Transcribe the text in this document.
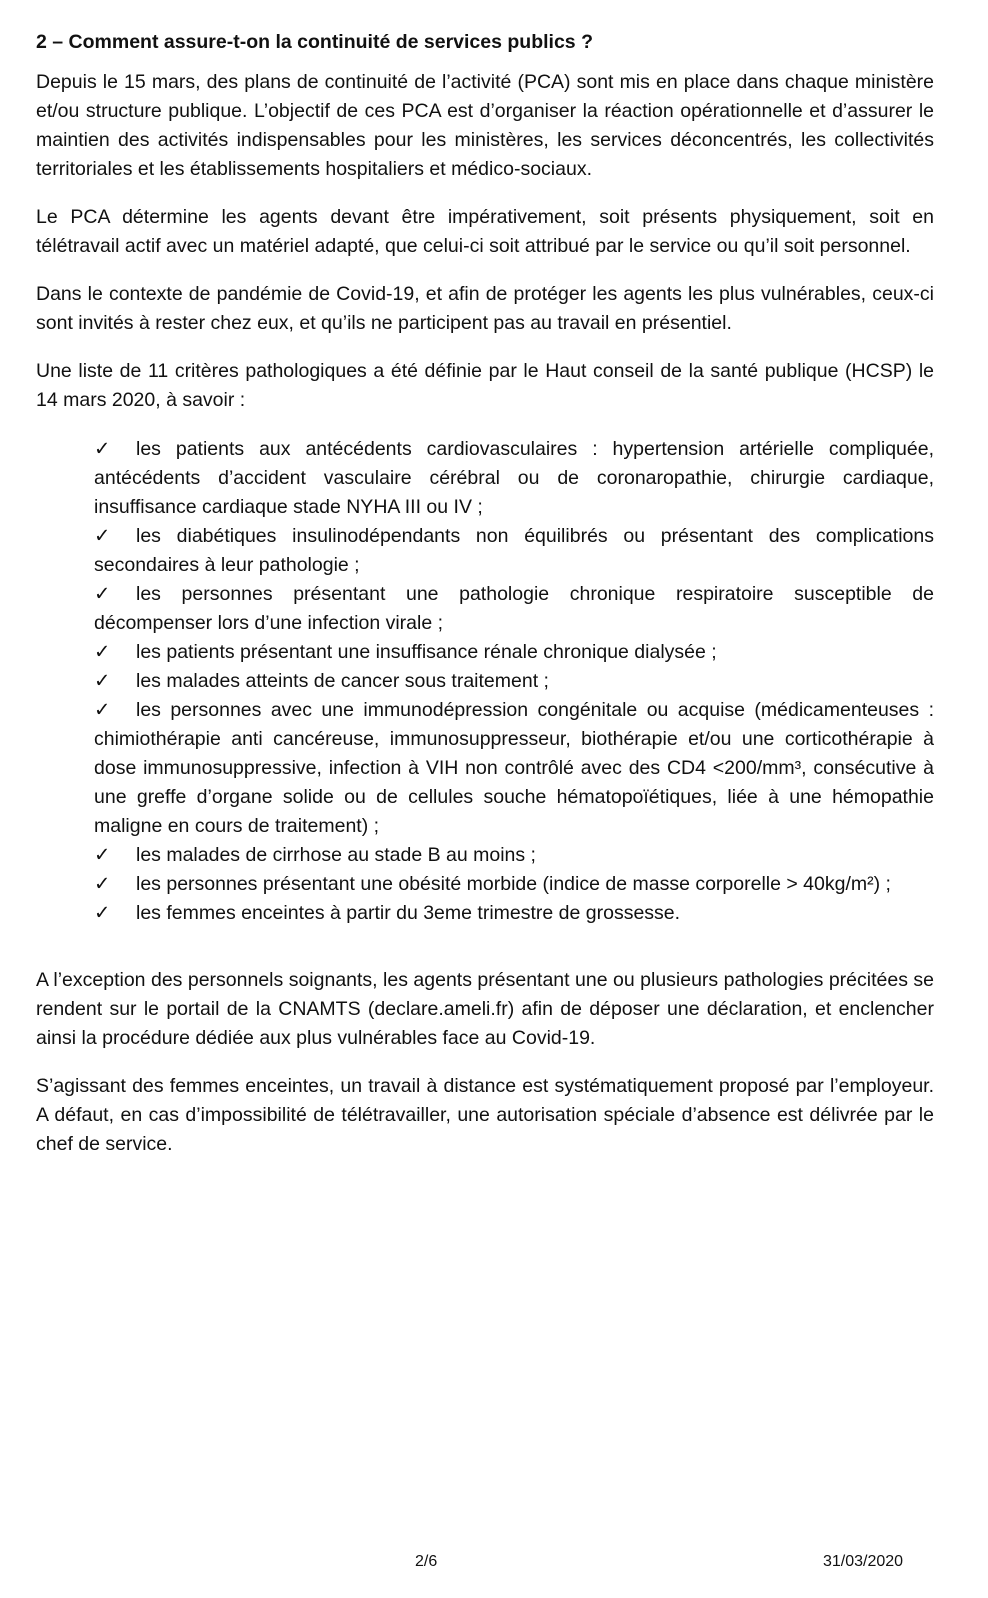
2 – Comment assure-t-on la continuité de services publics ?

Depuis le 15 mars, des plans de continuité de l’activité (PCA) sont mis en place dans chaque ministère et/ou structure publique. L’objectif de ces PCA est d’organiser la réaction opérationnelle et d’assurer le maintien des activités indispensables pour les ministères, les services déconcentrés, les collectivités territoriales et les établissements hospitaliers et médico-sociaux.

Le PCA détermine les agents devant être impérativement, soit présents physiquement, soit en télétravail actif avec un matériel adapté, que celui-ci soit attribué par le service ou qu’il soit personnel.

Dans le contexte de pandémie de Covid-19, et afin de protéger les agents les plus vulnérables, ceux-ci sont invités à rester chez eux, et qu’ils ne participent pas au travail en présentiel.

Une liste de 11 critères pathologiques a été définie par le Haut conseil de la santé publique (HCSP) le 14 mars 2020, à savoir :

✓ les patients aux antécédents cardiovasculaires : hypertension artérielle compliquée, antécédents d’accident vasculaire cérébral ou de coronaropathie, chirurgie cardiaque, insuffisance cardiaque stade NYHA III ou IV ;
✓ les diabétiques insulinodépendants non équilibrés ou présentant des complications secondaires à leur pathologie ;
✓ les personnes présentant une pathologie chronique respiratoire susceptible de décompenser lors d’une infection virale ;
✓ les patients présentant une insuffisance rénale chronique dialysée ;
✓ les malades atteints de cancer sous traitement ;
✓ les personnes avec une immunodépression congénitale ou acquise (médicamenteuses : chimiothérapie anti cancéreuse, immunosuppresseur, biothérapie et/ou une corticothérapie à dose immunosuppressive, infection à VIH non contrôlé avec des CD4 <200/mm³, consécutive à une greffe d’organe solide ou de cellules souche hématopoïétiques, liée à une hémopathie maligne en cours de traitement) ;
✓ les malades de cirrhose au stade B au moins ;
✓ les personnes présentant une obésité morbide (indice de masse corporelle > 40kg/m²) ;
✓ les femmes enceintes à partir du 3eme trimestre de grossesse.

A l’exception des personnels soignants, les agents présentant une ou plusieurs pathologies précitées se rendent sur le portail de la CNAMTS (declare.ameli.fr) afin de déposer une déclaration, et enclencher ainsi la procédure dédiée aux plus vulnérables face au Covid-19.

S’agissant des femmes enceintes, un travail à distance est systématiquement proposé par l’employeur. A défaut, en cas d’impossibilité de télétravailler, une autorisation spéciale d’absence est délivrée par le chef de service.

2/6	31/03/2020
